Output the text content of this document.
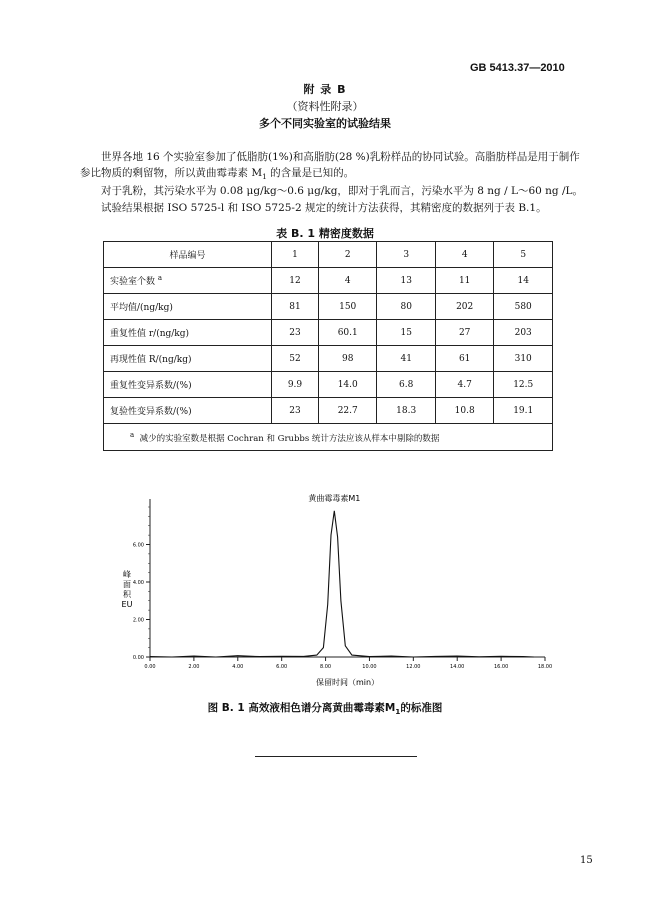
GB 5413.37—2010
附 录 B
（资料性附录）
多个不同实验室的试验结果
世界各地 16 个实验室参加了低脂肪(1%)和高脂肪(28 %)乳粉样品的协同试验。高脂肪样品是用于制作参比物质的剩留物，所以黄曲霉毒素 $M_1$ 的含量是已知的。
对于乳粉，其污染水平为 0.08 μg/kg～0.6 μg/kg，即对于乳而言，污染水平为 8 ng / L～60 ng /L。
试验结果根据 ISO 5725-l 和 ISO 5725-2 规定的统计方法获得，其精密度的数据列于表 B.1。
表 B. 1 精密度数据
样品编号	1	2	3	4	5
实验室个数 $^a$	12	4	13	11	14
平均值/(ng/kg)	81	150	80	202	580
重复性值 r/(ng/kg)	23	60.1	15	27	203
再现性值 R/(ng/kg)	52	98	41	61	310
重复性变异系数/(%)	9.9	14.0	6.8	4.7	12.5
复验性变异系数/(%)	23	22.7	18.3	10.8	19.1
$^a$ 减少的实验室数是根据 Cochran 和 Grubbs 统计方法应该从样本中剔除的数据					
0.00
2.00
4.00
6.00
0.00	2.00	4.00	6.00	8.00	10.00	12.00	14.00	16.00	18.00
黄曲霉毒素M1
保留时间（min）
峰面积 EU
图 B. 1 高效液相色谱分离黄曲霉毒素$M_1$的标准图
15
